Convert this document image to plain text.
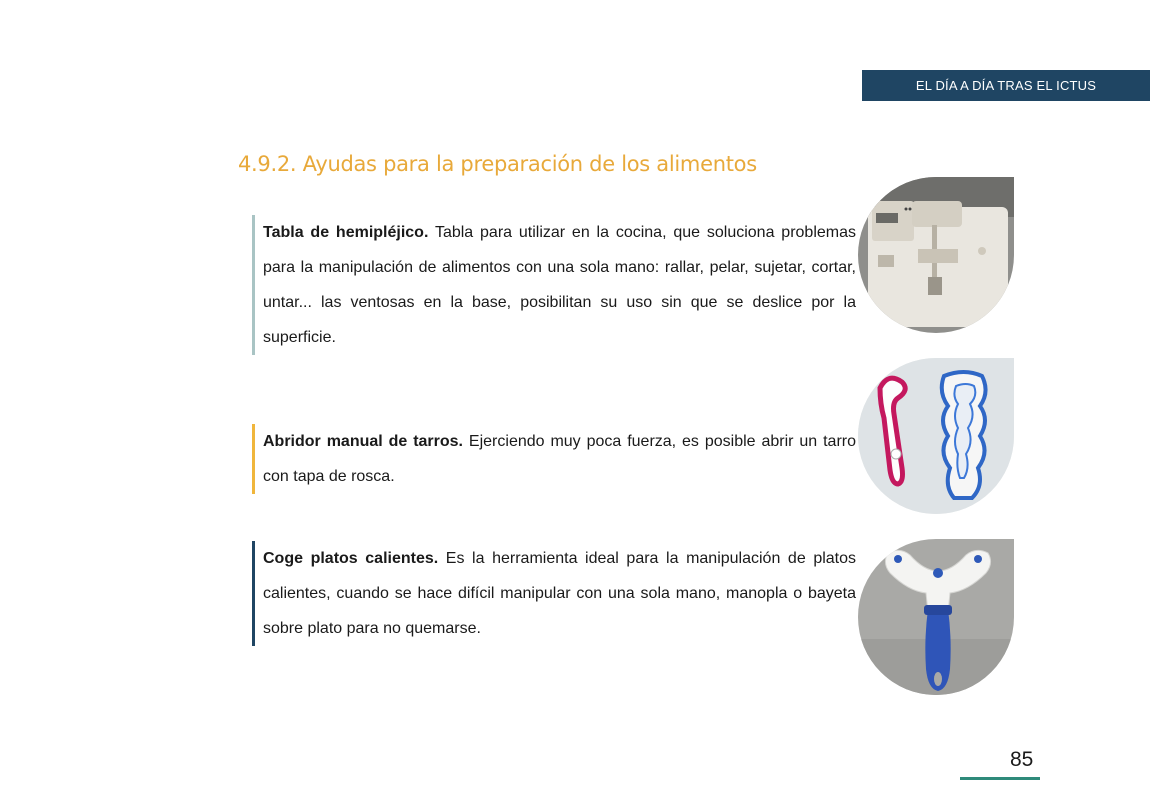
EL DÍA A DÍA TRAS EL ICTUS
4.9.2. Ayudas para la preparación de los alimentos
Tabla de hemipléjico. Tabla para utilizar en la cocina, que soluciona problemas para la manipulación de alimentos con una sola mano: rallar, pelar, sujetar, cortar, untar... las ventosas en la base, posibilitan su uso sin que se deslice por la superficie.
Abridor manual de tarros. Ejerciendo muy poca fuerza, es posible abrir un tarro con tapa de rosca.
Coge platos calientes. Es la herramienta ideal para la manipulación de platos calientes, cuando se hace difícil manipular con una sola mano, manopla o bayeta sobre plato para no quemarse.
85
